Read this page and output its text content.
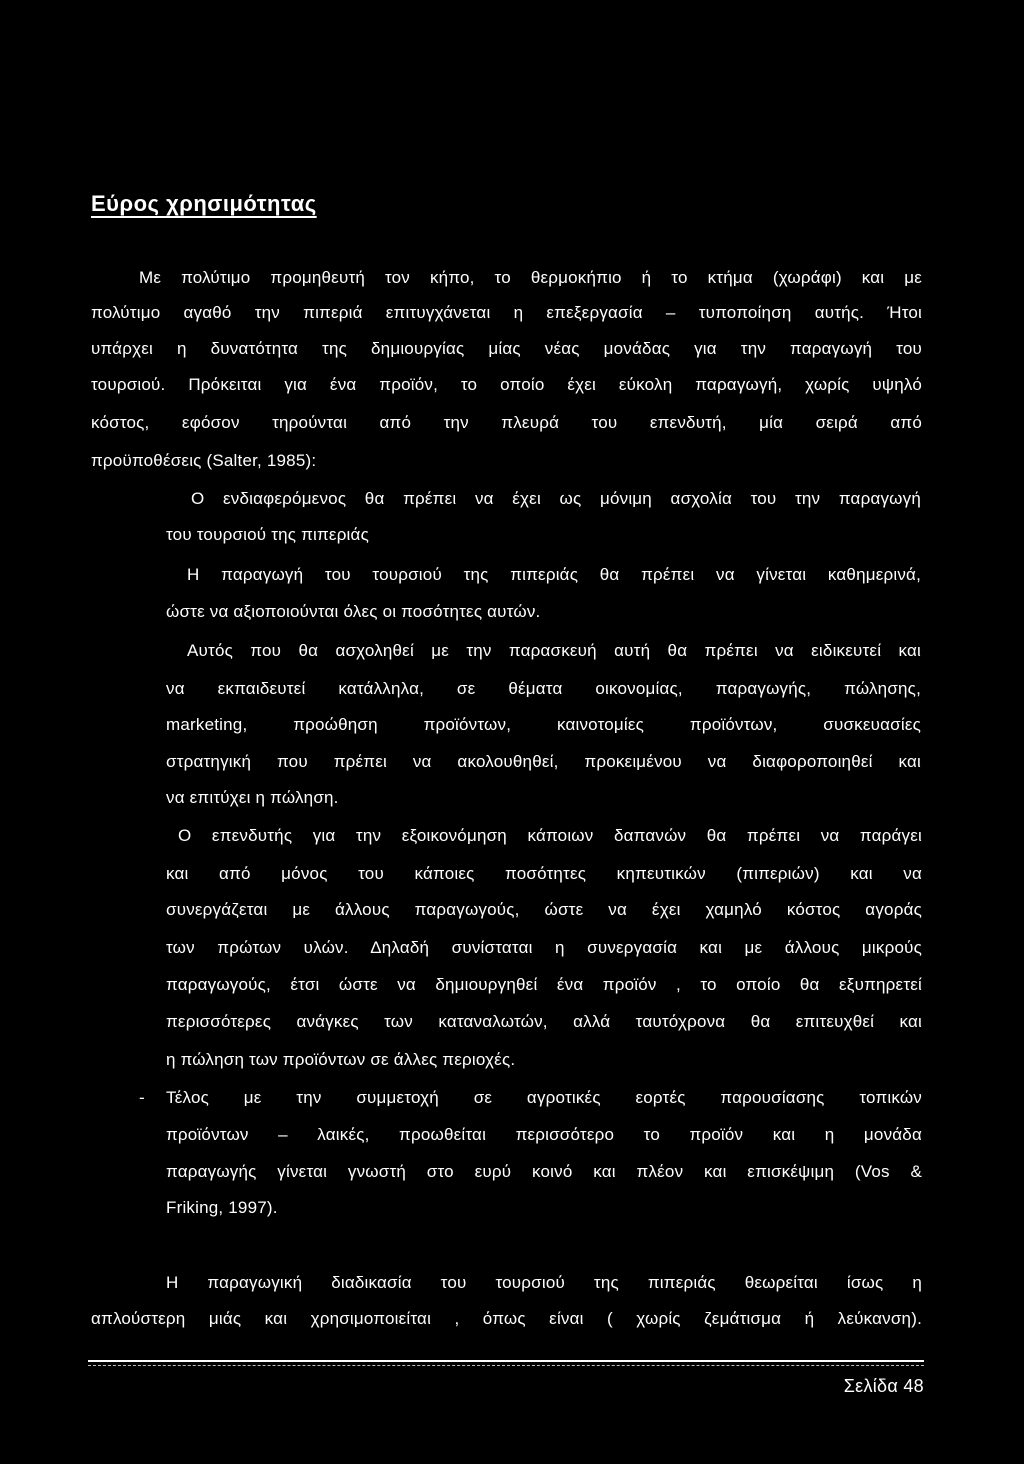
Εύρος χρησιμότητας
Με πολύτιμο προμηθευτή τον κήπο, το θερμοκήπιο ή το κτήμα (χωράφι) και με
πολύτιμο αγαθό την πιπεριά επιτυγχάνεται η επεξεργασία – τυποποίηση αυτής. Ήτοι
υπάρχει η δυνατότητα της δημιουργίας μίας νέας μονάδας για την παραγωγή του
τουρσιού. Πρόκειται για ένα προϊόν, το οποίο έχει εύκολη παραγωγή, χωρίς υψηλό
κόστος, εφόσον τηρούνται από την πλευρά του επενδυτή, μία σειρά από
προϋποθέσεις (Salter, 1985):
Ο ενδιαφερόμενος θα πρέπει να έχει ως μόνιμη ασχολία του την παραγωγή
του τουρσιού της πιπεριάς
Η παραγωγή του τουρσιού της πιπεριάς θα πρέπει να γίνεται καθημερινά,
ώστε να αξιοποιούνται όλες οι ποσότητες αυτών.
Αυτός που θα ασχοληθεί με την παρασκευή αυτή θα πρέπει να ειδικευτεί και
να εκπαιδευτεί κατάλληλα, σε θέματα οικονομίας, παραγωγής, πώλησης,
marketing, προώθηση προϊόντων, καινοτομίες προϊόντων, συσκευασίες
στρατηγική που πρέπει να ακολουθηθεί, προκειμένου να διαφοροποιηθεί και
να επιτύχει η πώληση.
Ο επενδυτής για την εξοικονόμηση κάποιων δαπανών θα πρέπει να παράγει
και από μόνος του κάποιες ποσότητες κηπευτικών (πιπεριών) και να
συνεργάζεται με άλλους παραγωγούς, ώστε να έχει χαμηλό κόστος αγοράς
των πρώτων υλών. Δηλαδή συνίσταται η συνεργασία και με άλλους μικρούς
παραγωγούς, έτσι ώστε να δημιουργηθεί ένα προϊόν , το οποίο θα εξυπηρετεί
περισσότερες ανάγκες των καταναλωτών, αλλά ταυτόχρονα θα επιτευχθεί και
η πώληση των προϊόντων σε άλλες περιοχές.
- Τέλος με την συμμετοχή σε αγροτικές εορτές παρουσίασης τοπικών
προϊόντων – λαικές, προωθείται περισσότερο το προϊόν και η μονάδα
παραγωγής γίνεται γνωστή στο ευρύ κοινό και πλέον και επισκέψιμη (Vos &
Friking, 1997).
Η παραγωγική διαδικασία του τουρσιού της πιπεριάς θεωρείται ίσως η
απλούστερη μιάς και χρησιμοποιείται , όπως είναι ( χωρίς ζεμάτισμα ή λεύκανση).
Σελίδα 48
